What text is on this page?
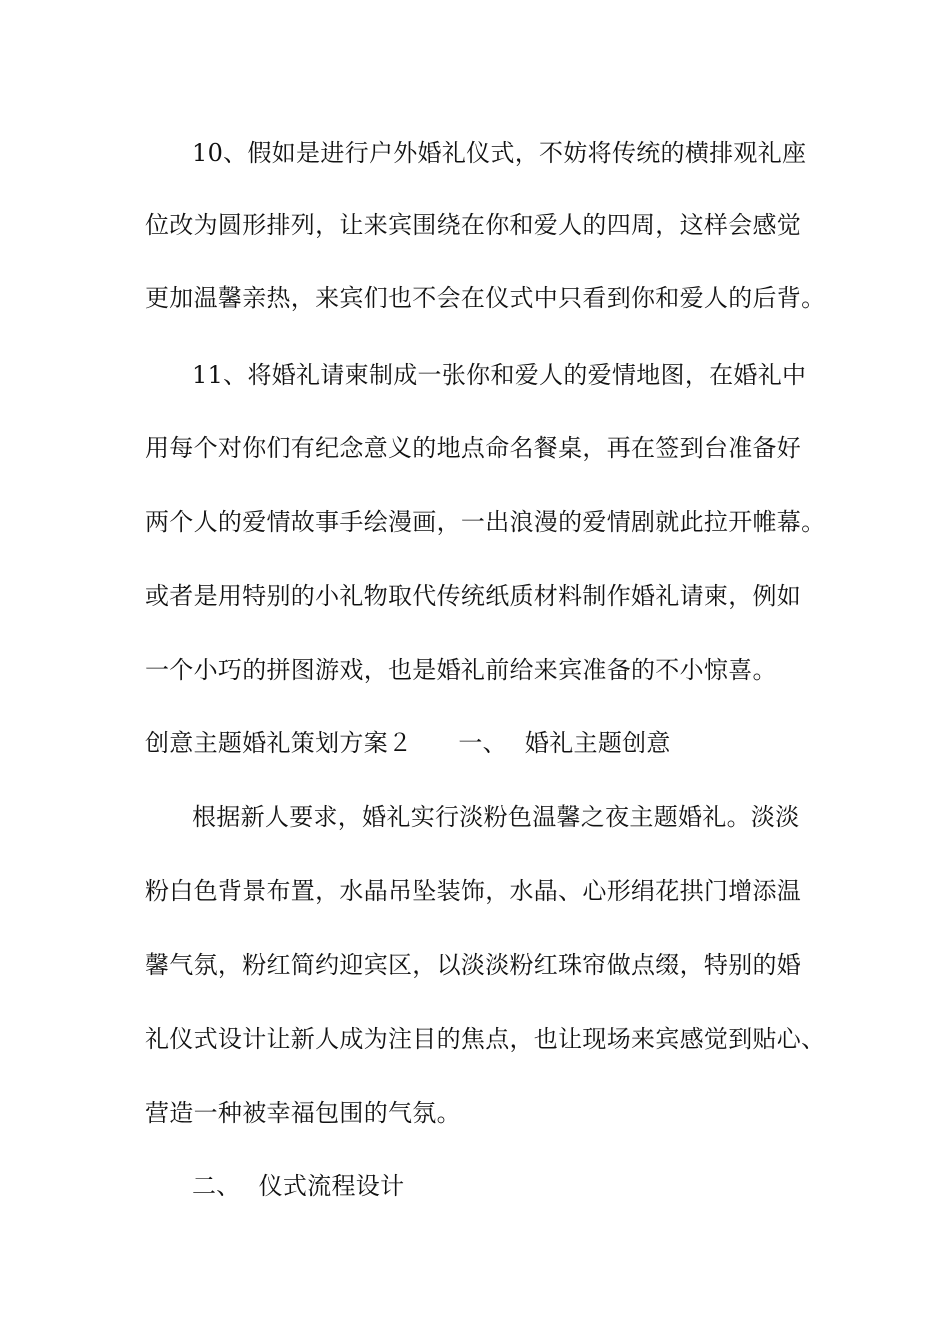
10、假如是进行户外婚礼仪式，不妨将传统的横排观礼座
位改为圆形排列，让来宾围绕在你和爱人的四周，这样会感觉
更加温馨亲热，来宾们也不会在仪式中只看到你和爱人的后背。
11、将婚礼请柬制成一张你和爱人的爱情地图，在婚礼中
用每个对你们有纪念意义的地点命名餐桌，再在签到台准备好
两个人的爱情故事手绘漫画，一出浪漫的爱情剧就此拉开帷幕。
或者是用特别的小礼物取代传统纸质材料制作婚礼请柬，例如
一个小巧的拼图游戏，也是婚礼前给来宾准备的不小惊喜。
创意主题婚礼策划方案２ 一、 婚礼主题创意
根据新人要求，婚礼实行淡粉色温馨之夜主题婚礼。淡淡
粉白色背景布置，水晶吊坠装饰，水晶、心形绢花拱门增添温
馨气氛，粉红简约迎宾区，以淡淡粉红珠帘做点缀，特别的婚
礼仪式设计让新人成为注目的焦点，也让现场来宾感觉到贴心、
营造一种被幸福包围的气氛。
二、 仪式流程设计
